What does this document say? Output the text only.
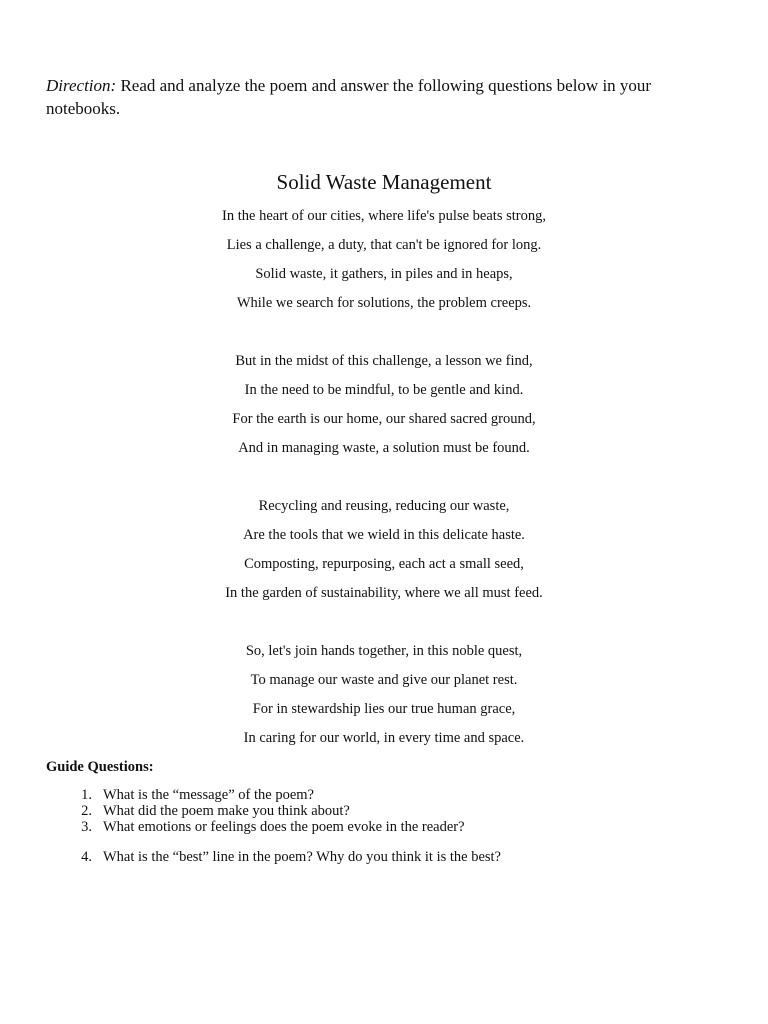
Direction: Read and analyze the poem and answer the following questions below in your notebooks.
Solid Waste Management
In the heart of our cities, where life's pulse beats strong,
Lies a challenge, a duty, that can't be ignored for long.
Solid waste, it gathers, in piles and in heaps,
While we search for solutions, the problem creeps.
But in the midst of this challenge, a lesson we find,
In the need to be mindful, to be gentle and kind.
For the earth is our home, our shared sacred ground,
And in managing waste, a solution must be found.
Recycling and reusing, reducing our waste,
Are the tools that we wield in this delicate haste.
Composting, repurposing, each act a small seed,
In the garden of sustainability, where we all must feed.
So, let's join hands together, in this noble quest,
To manage our waste and give our planet rest.
For in stewardship lies our true human grace,
In caring for our world, in every time and space.
Guide Questions:
1. What is the “message” of the poem?
2. What did the poem make you think about?
3. What emotions or feelings does the poem evoke in the reader?
4. What is the “best” line in the poem? Why do you think it is the best?
